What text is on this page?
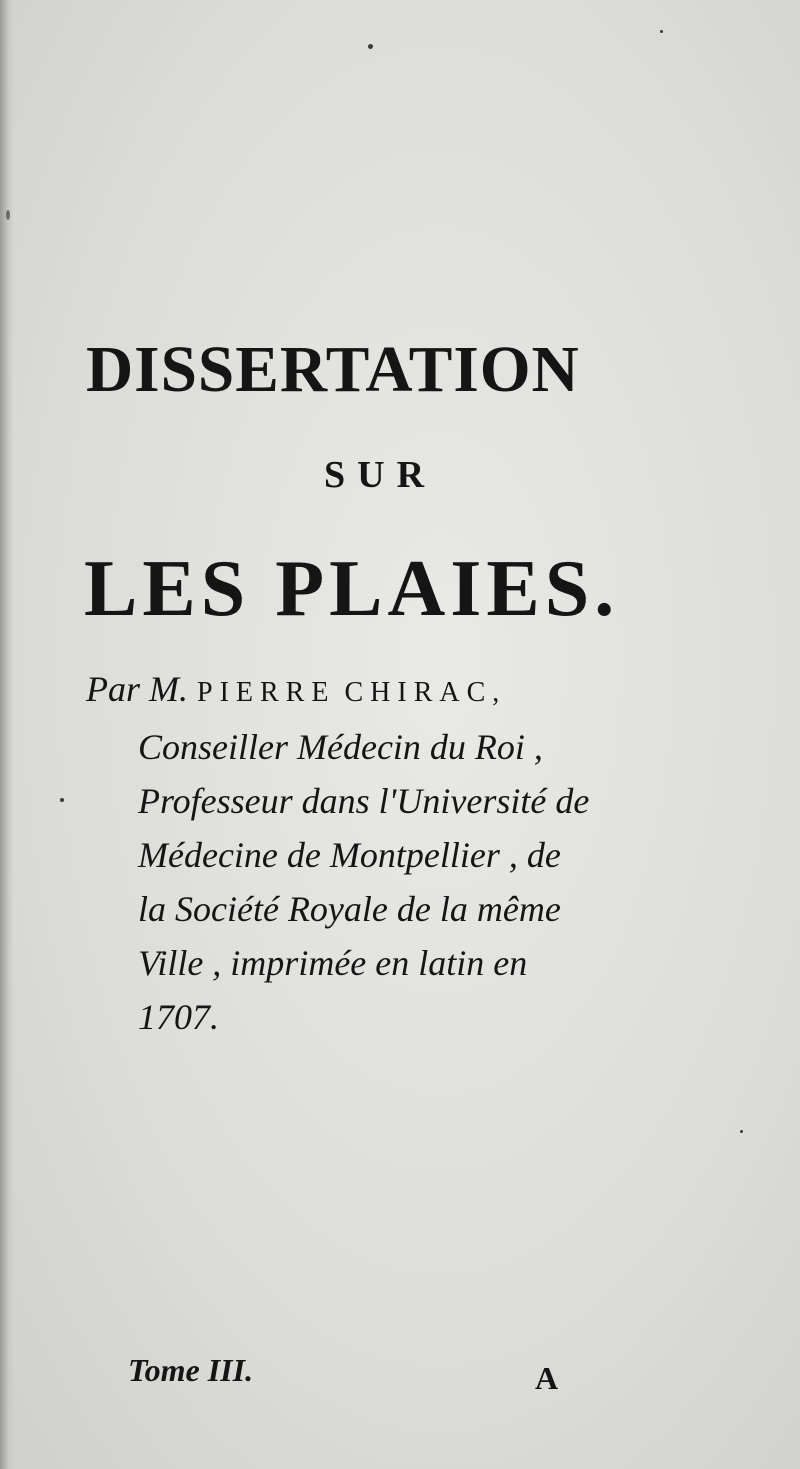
DISSERTATION
SUR
LES PLAIES.
Par M. PIERRE CHIRAC,
Conseiller Médecin du Roi ,
Professeur dans l'Université de
Médecine de Montpellier , de
la Société Royale de la même
Ville , imprimée en latin en
1707.
Tome III.	A
